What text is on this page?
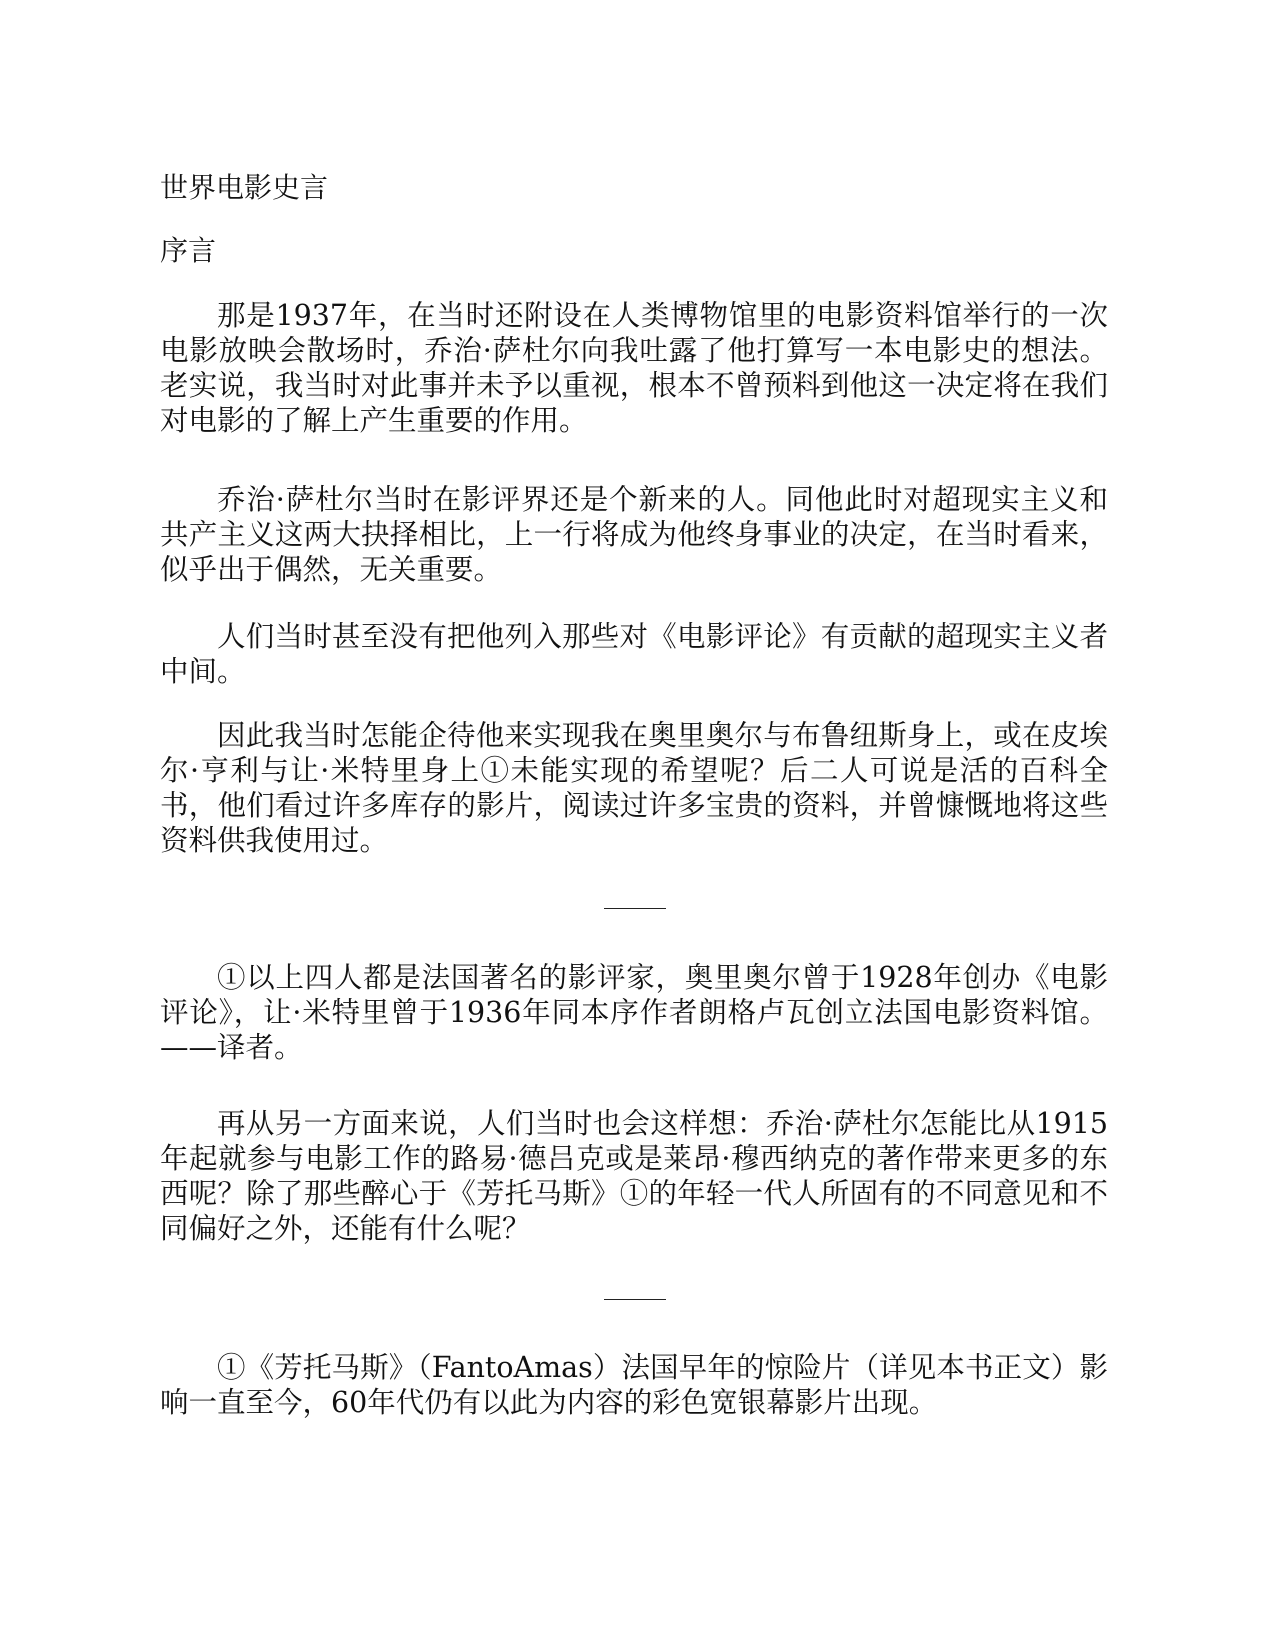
世界电影史言
序言

那是1937年，在当时还附设在人类博物馆里的电影资料馆举行的一次电影放映会散场时，乔治·萨杜尔向我吐露了他打算写一本电影史的想法。老实说，我当时对此事并未予以重视，根本不曾预料到他这一决定将在我们对电影的了解上产生重要的作用。

乔治·萨杜尔当时在影评界还是个新来的人。同他此时对超现实主义和共产主义这两大抉择相比，上一行将成为他终身事业的决定，在当时看来，似乎出于偶然，无关重要。

人们当时甚至没有把他列入那些对《电影评论》有贡献的超现实主义者中间。

因此我当时怎能企待他来实现我在奥里奥尔与布鲁纽斯身上，或在皮埃尔·亨利与让·米特里身上①未能实现的希望呢？后二人可说是活的百科全书，他们看过许多库存的影片，阅读过许多宝贵的资料，并曾慷慨地将这些资料供我使用过。

①以上四人都是法国著名的影评家，奥里奥尔曾于1928年创办《电影评论》，让·米特里曾于1936年同本序作者朗格卢瓦创立法国电影资料馆。——译者。

再从另一方面来说，人们当时也会这样想：乔治·萨杜尔怎能比从1915年起就参与电影工作的路易·德吕克或是莱昂·穆西纳克的著作带来更多的东西呢？除了那些醉心于《芳托马斯》①的年轻一代人所固有的不同意见和不同偏好之外，还能有什么呢？

①《芳托马斯》（FantoAmas）法国早年的惊险片（详见本书正文）影响一直至今，60年代仍有以此为内容的彩色宽银幕影片出现。
